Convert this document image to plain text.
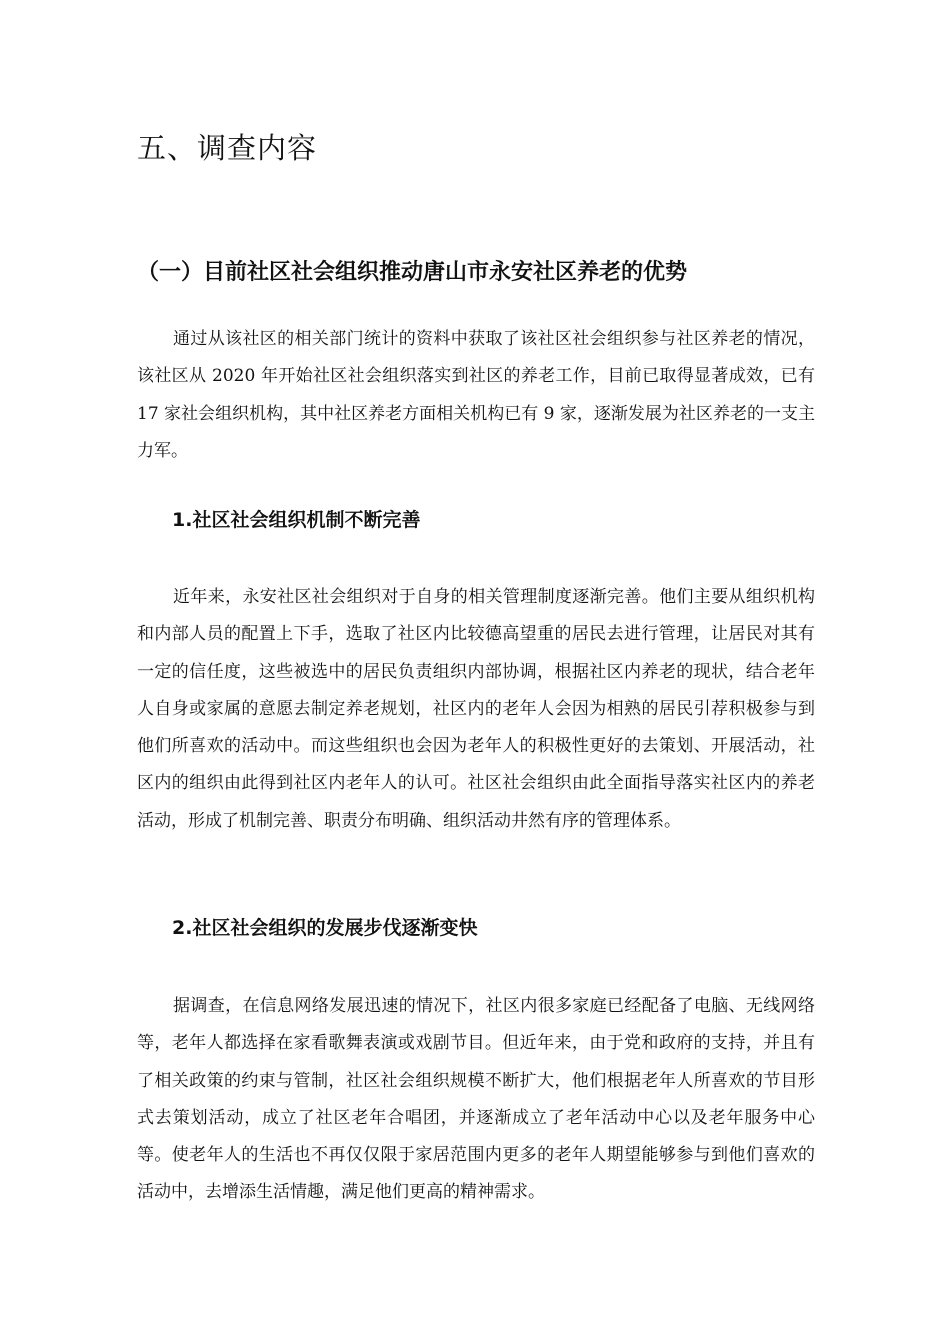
五、调查内容
（一）目前社区社会组织推动唐山市永安社区养老的优势

通过从该社区的相关部门统计的资料中获取了该社区社会组织参与社区养老的情况，该社区从 2020 年开始社区社会组织落实到社区的养老工作，目前已取得显著成效，已有 17 家社会组织机构，其中社区养老方面相关机构已有 9 家，逐渐发展为社区养老的一支主力军。

1.社区社会组织机制不断完善

近年来，永安社区社会组织对于自身的相关管理制度逐渐完善。他们主要从组织机构和内部人员的配置上下手，选取了社区内比较德高望重的居民去进行管理，让居民对其有一定的信任度，这些被选中的居民负责组织内部协调，根据社区内养老的现状，结合老年人自身或家属的意愿去制定养老规划，社区内的老年人会因为相熟的居民引荐积极参与到他们所喜欢的活动中。而这些组织也会因为老年人的积极性更好的去策划、开展活动，社区内的组织由此得到社区内老年人的认可。社区社会组织由此全面指导落实社区内的养老活动，形成了机制完善、职责分布明确、组织活动井然有序的管理体系。

2.社区社会组织的发展步伐逐渐变快

据调查，在信息网络发展迅速的情况下，社区内很多家庭已经配备了电脑、无线网络等，老年人都选择在家看歌舞表演或戏剧节目。但近年来，由于党和政府的支持，并且有了相关政策的约束与管制，社区社会组织规模不断扩大，他们根据老年人所喜欢的节目形式去策划活动，成立了社区老年合唱团，并逐渐成立了老年活动中心以及老年服务中心等。使老年人的生活也不再仅仅限于家居范围内更多的老年人期望能够参与到他们喜欢的活动中，去增添生活情趣，满足他们更高的精神需求。
